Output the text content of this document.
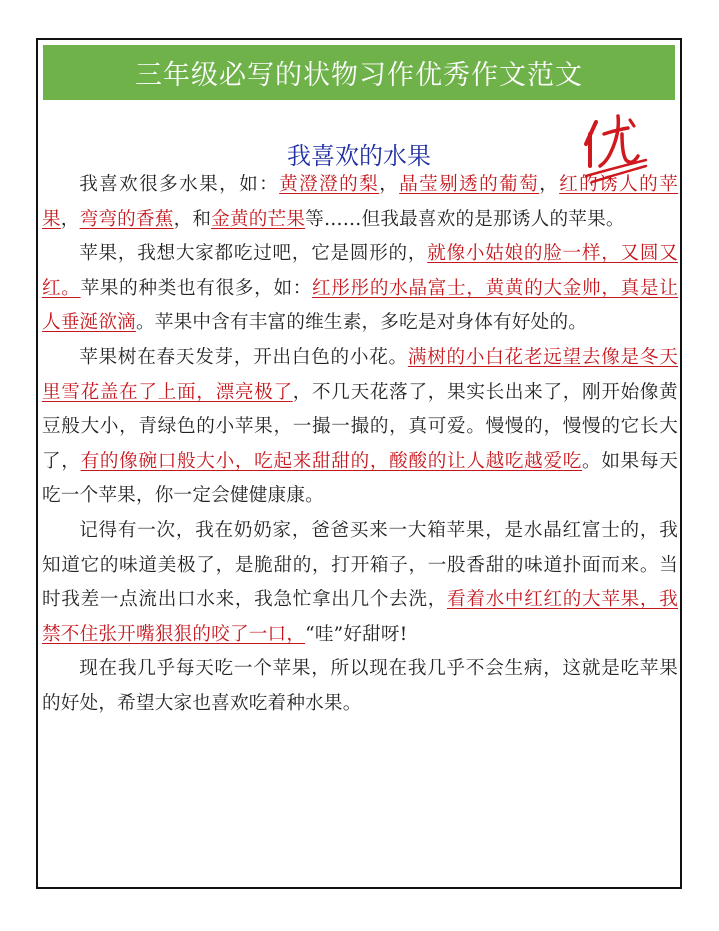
三年级必写的状物习作优秀作文范文
我喜欢的水果

我喜欢很多水果，如：黄澄澄的梨，晶莹剔透的葡萄，红的诱人的苹果，弯弯的香蕉，和金黄的芒果等……但我最喜欢的是那诱人的苹果。

苹果，我想大家都吃过吧，它是圆形的，就像小姑娘的脸一样，又圆又红。苹果的种类也有很多，如：红彤彤的水晶富士，黄黄的大金帅，真是让人垂涎欲滴。苹果中含有丰富的维生素，多吃是对身体有好处的。

苹果树在春天发芽，开出白色的小花。满树的小白花老远望去像是冬天里雪花盖在了上面，漂亮极了，不几天花落了，果实长出来了，刚开始像黄豆般大小，青绿色的小苹果，一撮一撮的，真可爱。慢慢的，慢慢的它长大了，有的像碗口般大小，吃起来甜甜的，酸酸的让人越吃越爱吃。如果每天吃一个苹果，你一定会健健康康。

记得有一次，我在奶奶家，爸爸买来一大箱苹果，是水晶红富士的，我知道它的味道美极了，是脆甜的，打开箱子，一股香甜的味道扑面而来。当时我差一点流出口水来，我急忙拿出几个去洗，看着水中红红的大苹果，我禁不住张开嘴狠狠的咬了一口，“哇”好甜呀!

现在我几乎每天吃一个苹果，所以现在我几乎不会生病，这就是吃苹果的好处，希望大家也喜欢吃着种水果。
